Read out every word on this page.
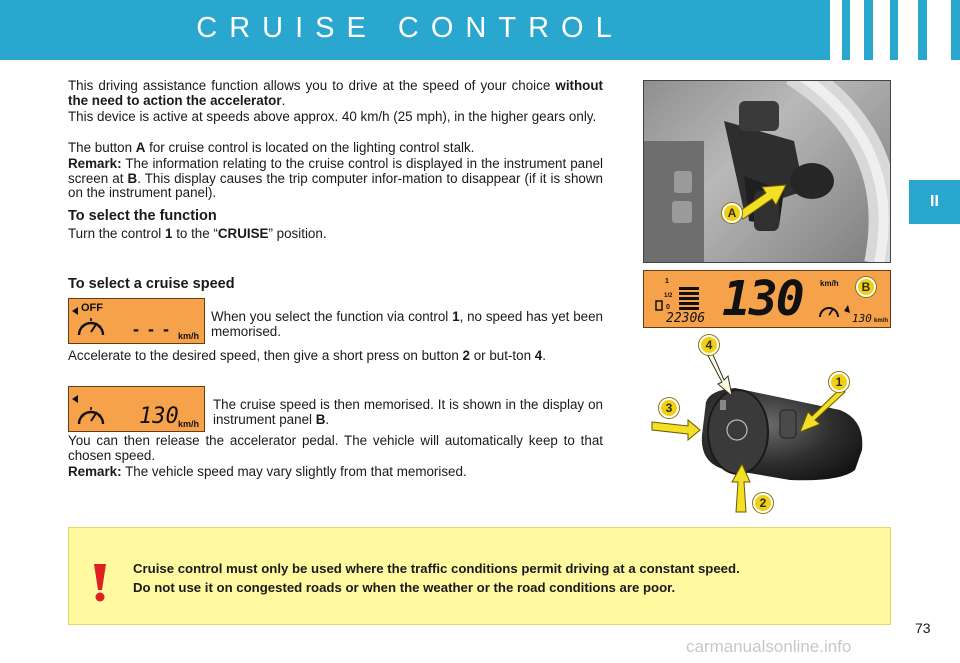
CRUISE CONTROL
II
This driving assistance function allows you to drive at the speed of your choice without the need to action the accelerator.
This device is active at speeds above approx. 40 km/h (25 mph), in the higher gears only.
The button A for cruise control is located on the lighting control stalk.
Remark: The information relating to the cruise control is displayed in the instrument panel screen at B. This display causes the trip computer infor-mation to disappear (if it is shown on the instrument panel).
To select the function
Turn the control 1 to the “CRUISE” position.
To select a cruise speed
OFF
- - - km/h
When you select the function via control 1, no speed has yet been memorised.
Accelerate to the desired speed, then give a short press on button 2 or but-ton 4.
130 km/h
The cruise speed is then memorised. It is shown in the display on instrument panel B.
You can then release the accelerator pedal. The vehicle will automatically keep to that chosen speed.
Remark: The vehicle speed may vary slightly from that memorised.
A
1
1/2
0 130 km/h
22306	130 km/h
B
4
1
3
2
Cruise control must only be used where the traffic conditions permit driving at a constant speed.
Do not use it on congested roads or when the weather or the road conditions are poor.
73
carmanualsonline.info
